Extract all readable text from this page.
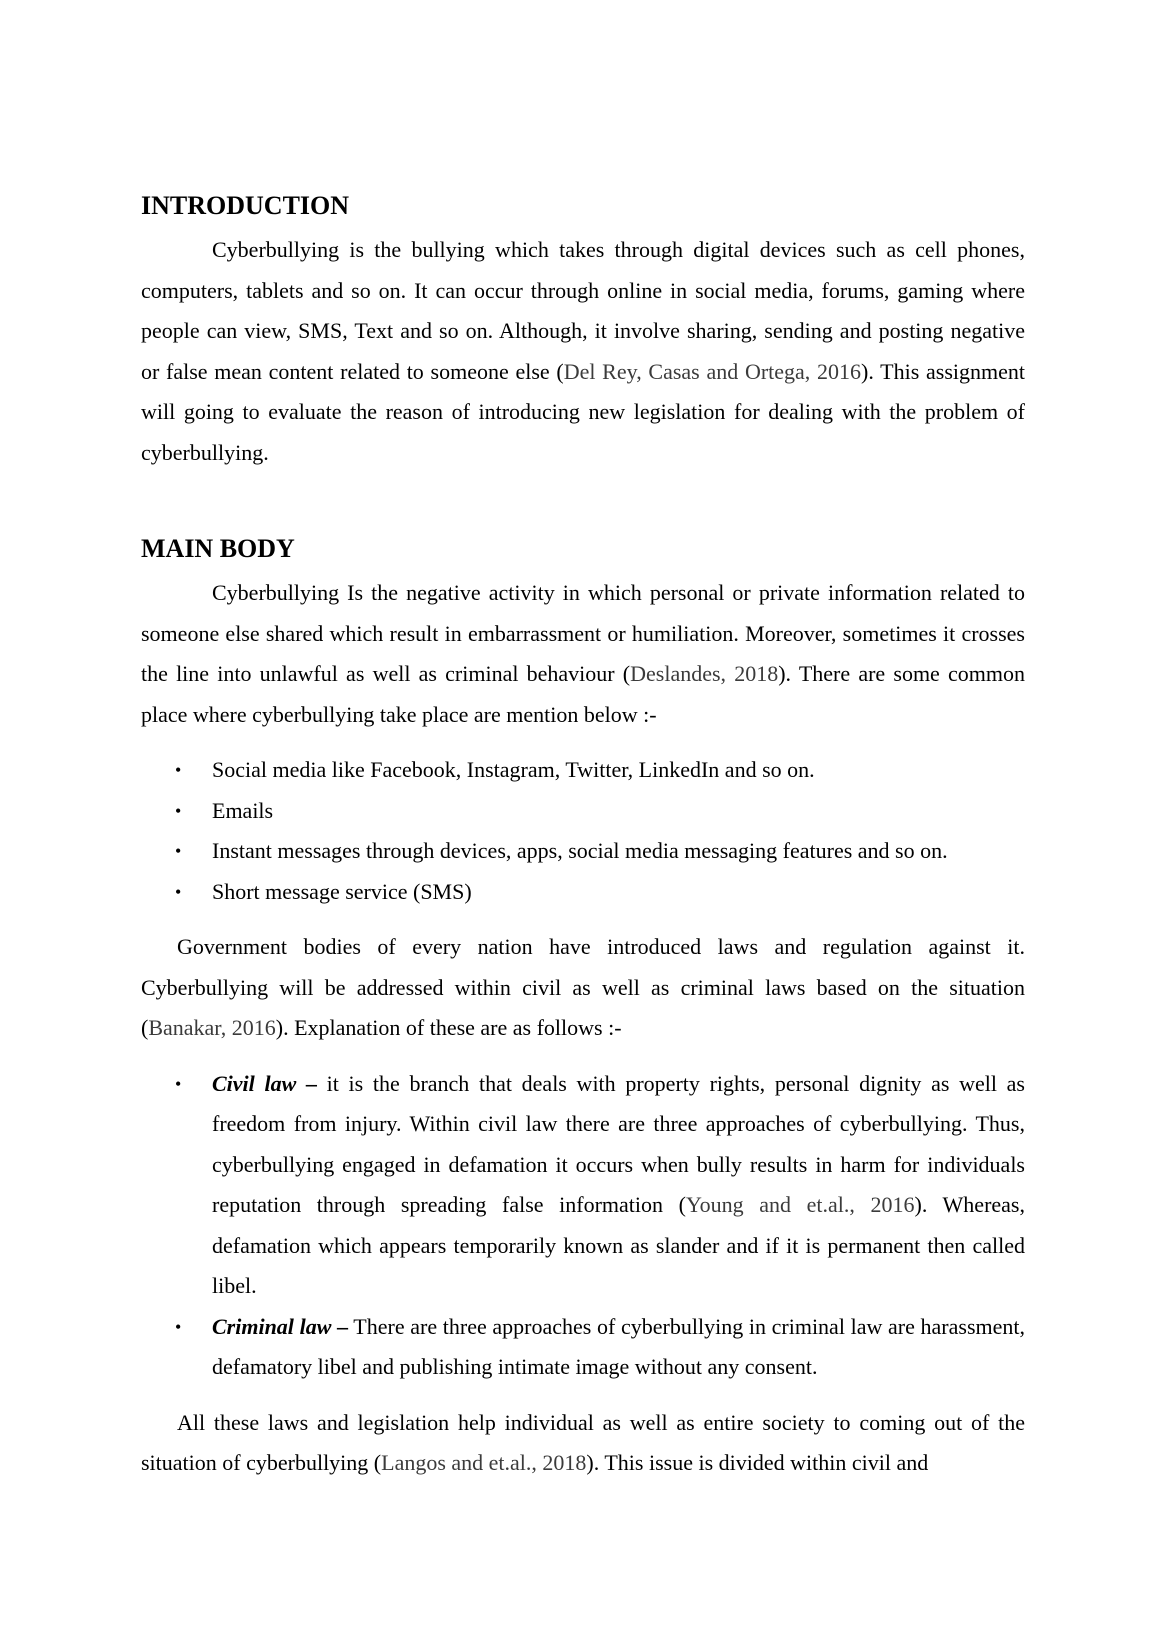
INTRODUCTION

Cyberbullying is the bullying which takes through digital devices such as cell phones, computers, tablets and so on. It can occur through online in social media, forums, gaming where people can view, SMS, Text and so on. Although, it involve sharing, sending and posting negative or false mean content related to someone else (Del Rey, Casas and Ortega, 2016). This assignment will going to evaluate the reason of introducing new legislation for dealing with the problem of cyberbullying.

MAIN BODY

Cyberbullying Is the negative activity in which personal or private information related to someone else shared which result in embarrassment or humiliation. Moreover, sometimes it crosses the line into unlawful as well as criminal behaviour (Deslandes, 2018). There are some common place where cyberbullying take place are mention below :-

• Social media like Facebook, Instagram, Twitter, LinkedIn and so on.
• Emails
• Instant messages through devices, apps, social media messaging features and so on.
• Short message service (SMS)

Government bodies of every nation have introduced laws and regulation against it. Cyberbullying will be addressed within civil as well as criminal laws based on the situation (Banakar, 2016). Explanation of these are as follows :-

• Civil law – it is the branch that deals with property rights, personal dignity as well as freedom from injury. Within civil law there are three approaches of cyberbullying. Thus, cyberbullying engaged in defamation it occurs when bully results in harm for individuals reputation through spreading false information (Young and et.al., 2016). Whereas, defamation which appears temporarily known as slander and if it is permanent then called libel.
• Criminal law – There are three approaches of cyberbullying in criminal law are harassment, defamatory libel and publishing intimate image without any consent.

All these laws and legislation help individual as well as entire society to coming out of the situation of cyberbullying (Langos and et.al., 2018). This issue is divided within civil and
